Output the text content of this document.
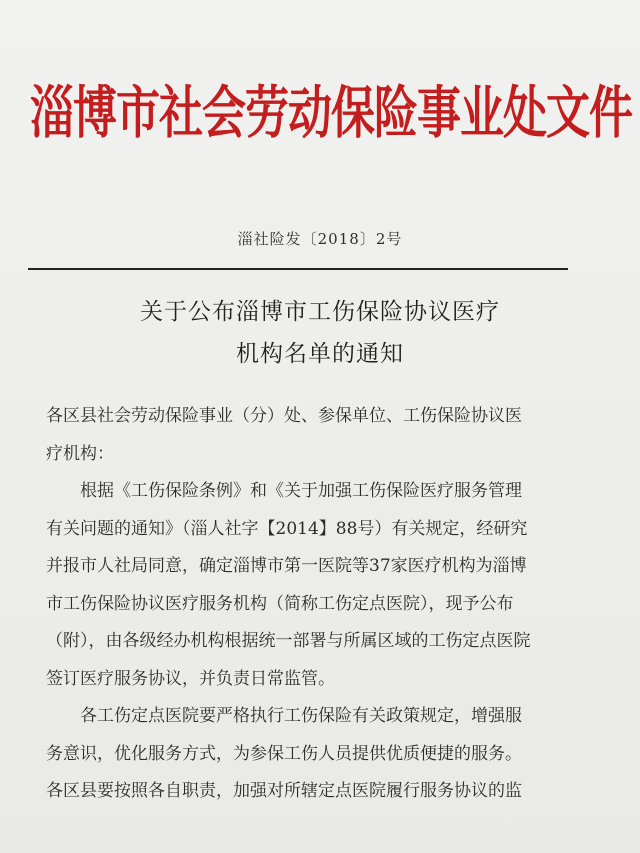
淄博市社会劳动保险事业处文件
淄社险发〔2018〕2号
关于公布淄博市工伤保险协议医疗
机构名单的通知
各区县社会劳动保险事业（分）处、参保单位、工伤保险协议医
疗机构：
根据《工伤保险条例》和《关于加强工伤保险医疗服务管理
有关问题的通知》（淄人社字【2014】88号）有关规定，经研究
并报市人社局同意，确定淄博市第一医院等37家医疗机构为淄博
市工伤保险协议医疗服务机构（简称工伤定点医院），现予公布
（附），由各级经办机构根据统一部署与所属区域的工伤定点医院
签订医疗服务协议，并负责日常监管。
各工伤定点医院要严格执行工伤保险有关政策规定，增强服
务意识，优化服务方式，为参保工伤人员提供优质便捷的服务。
各区县要按照各自职责，加强对所辖定点医院履行服务协议的监
